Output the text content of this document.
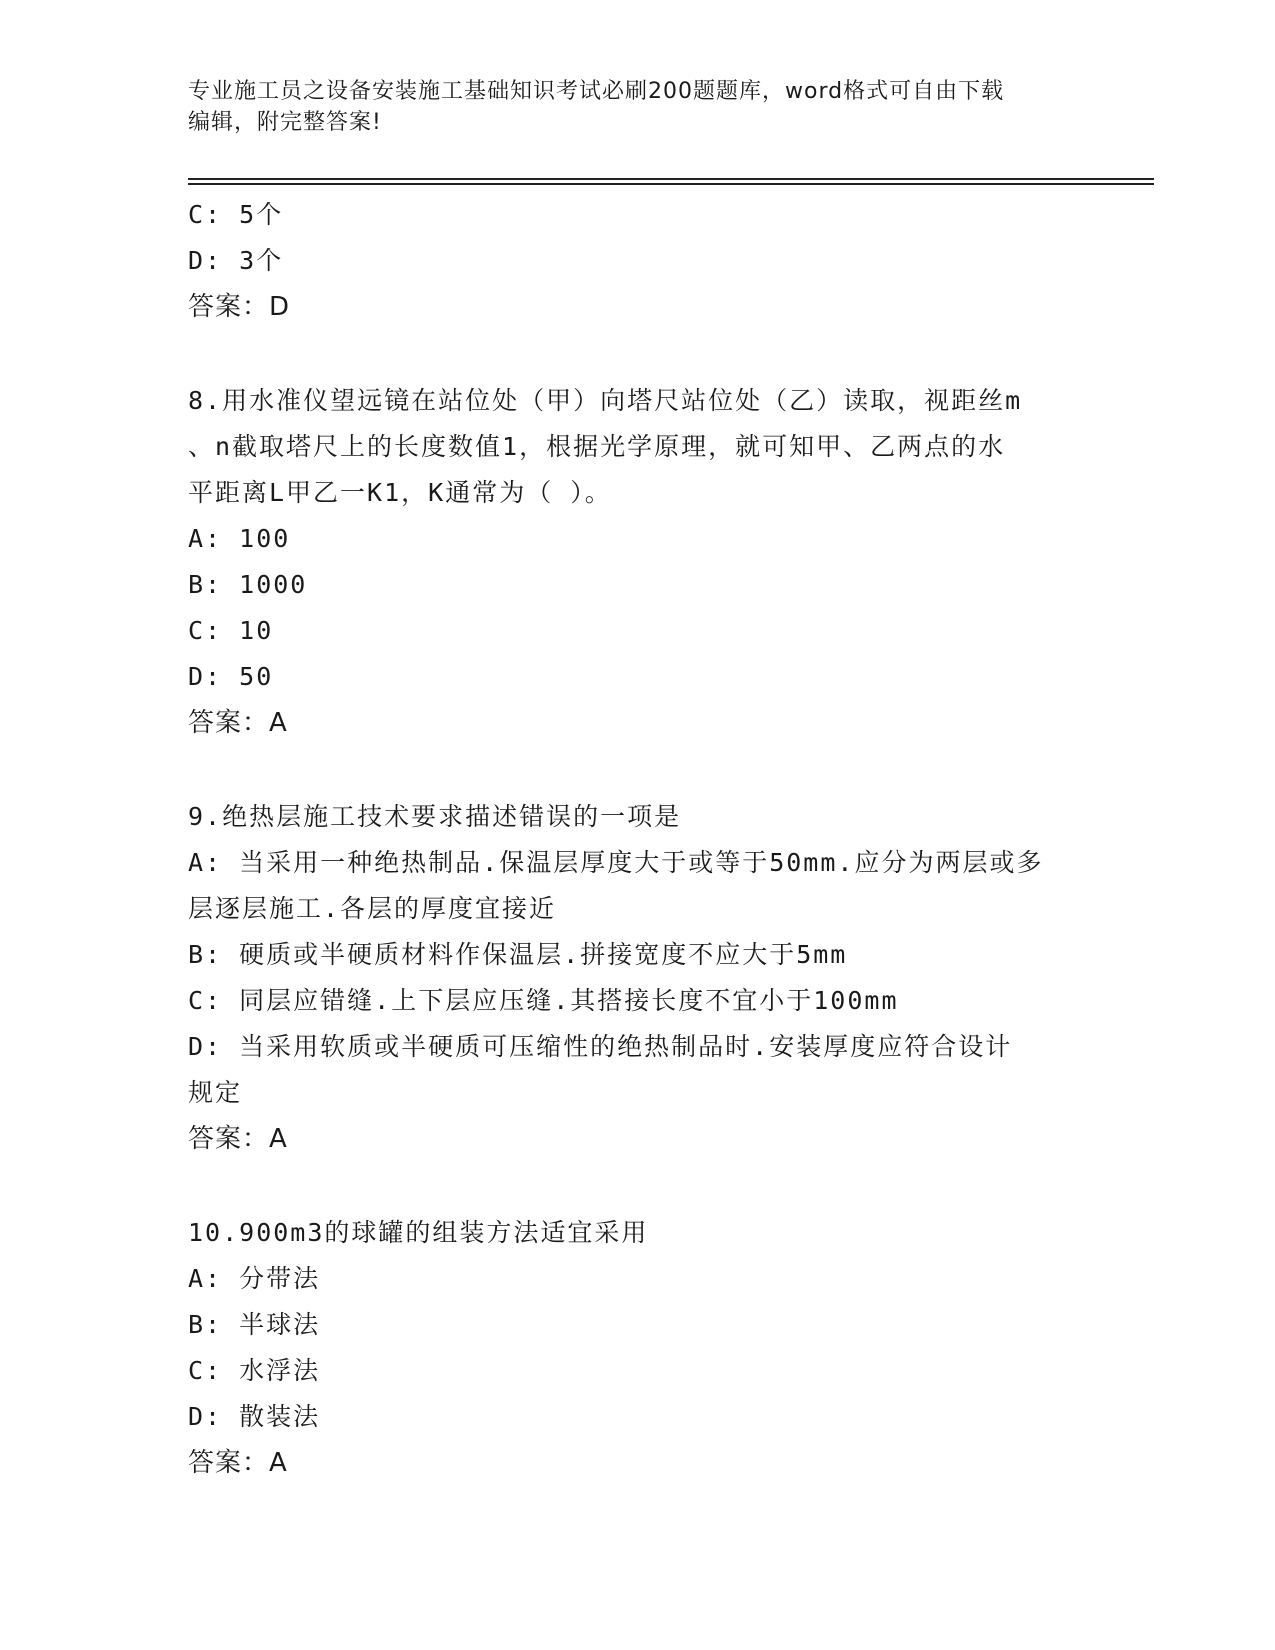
专业施工员之设备安装施工基础知识考试必刷200题题库，word格式可自由下载
编辑，附完整答案!
C: 5个
D: 3个
答案：D
8.用水准仪望远镜在站位处（甲）向塔尺站位处（乙）读取，视距丝m
、n截取塔尺上的长度数值1，根据光学原理，就可知甲、乙两点的水
平距离L甲乙一K1，K通常为（ ）。
A: 100
B: 1000
C: 10
D: 50
答案：A
9.绝热层施工技术要求描述错误的一项是
A: 当采用一种绝热制品.保温层厚度大于或等于50mm.应分为两层或多
层逐层施工.各层的厚度宜接近
B: 硬质或半硬质材料作保温层.拼接宽度不应大于5mm
C: 同层应错缝.上下层应压缝.其搭接长度不宜小于100mm
D: 当采用软质或半硬质可压缩性的绝热制品时.安装厚度应符合设计
规定
答案：A
10.900m3的球罐的组装方法适宜采用
A: 分带法
B: 半球法
C: 水浮法
D: 散装法
答案：A
